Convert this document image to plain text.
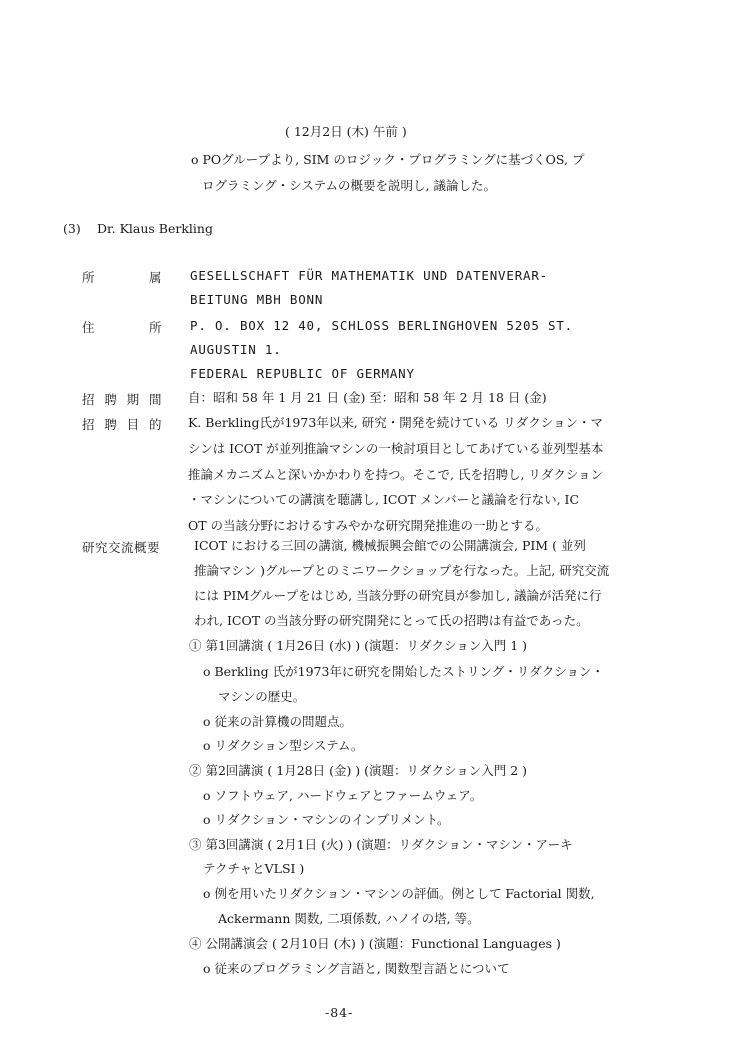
( 12月2日 (木) 午前 )
o POグループより, SIM のロジック・プログラミングに基づくOS, プ
ログラミング・システムの概要を説明し, 議論した。
(3) Dr. Klaus Berkling
所	属 GESELLSCHAFT FÜR MATHEMATIK UND DATENVERAR-
BEITUNG MBH BONN
住	所 P. O. BOX 12 40, SCHLOSS BERLINGHOVEN 5205 ST.
AUGUSTIN 1.
FEDERAL REPUBLIC OF GERMANY
招 聘 期 間 自：昭和 58 年 1 月 21 日 (金) 至：昭和 58 年 2 月 18 日 (金)
招 聘 目 的 K. Berkling氏が1973年以来, 研究・開発を続けている リダクション・マ
シンは ICOT が並列推論マシンの一検討項目としてあげている並列型基本
推論メカニズムと深いかかわりを持つ。そこで, 氏を招聘し, リダクション
・マシンについての講演を聴講し, ICOT メンバーと議論を行ない, IC
OT の当該分野におけるすみやかな研究開発推進の一助とする。
研究交流概要	ICOT における三回の講演, 機械振興会館での公開講演会, PIM ( 並列
推論マシン )グループとのミニワークショップを行なった。上記, 研究交流
には PIMグループをはじめ, 当該分野の研究員が参加し, 議論が活発に行
われ, ICOT の当該分野の研究開発にとって氏の招聘は有益であった。
① 第1回講演 ( 1月26日 (水) ) (演題：リダクション入門 1 )
o Berkling 氏が1973年に研究を開始したストリング・リダクション・
マシンの歴史。
o 従来の計算機の問題点。
o リダクション型システム。
② 第2回講演 ( 1月28日 (金) ) (演題：リダクション入門 2 )
o ソフトウェア, ハードウェアとファームウェア。
o リダクション・マシンのインプリメント。
③ 第3回講演 ( 2月1日 (火) ) (演題：リダクション・マシン・アーキ
テクチャとVLSI )
o 例を用いたリダクション・マシンの評価。例として Factorial 関数,
Ackermann 関数, 二項係数, ハノイの塔, 等。
④ 公開講演会 ( 2月10日 (木) ) (演題：Functional Languages )
o 従来のプログラミング言語と, 関数型言語とについて
-84-
